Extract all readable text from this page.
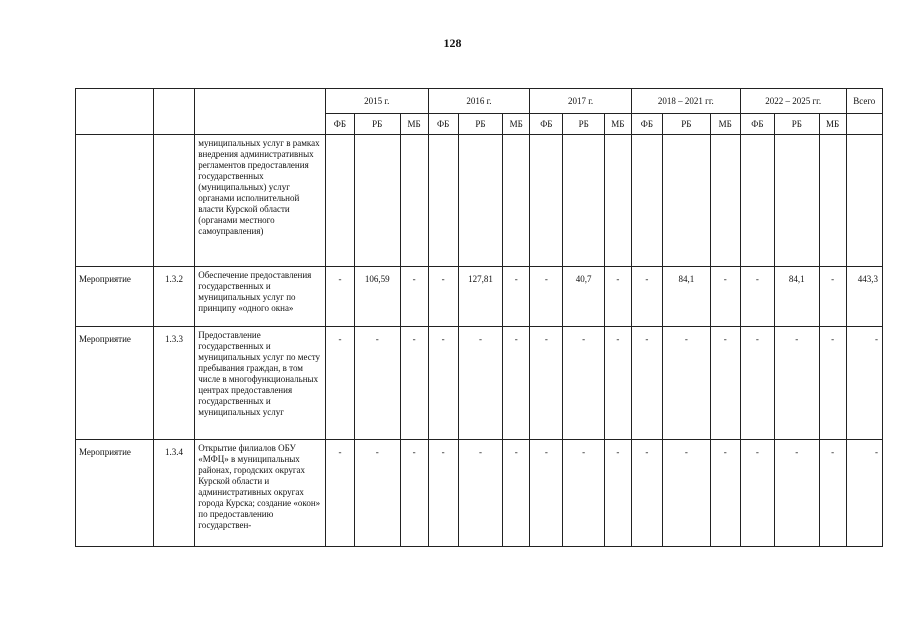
128
			2015 г.			2016 г.			2017 г.			2018 – 2021 гг.			2022 – 2025 гг.			Всего
			ФБ	РБ	МБ	ФБ	РБ	МБ	ФБ	РБ	МБ	ФБ	РБ	МБ	ФБ	РБ	МБ	
		муниципальных услуг в рамках внедрения административных регламентов предоставления государственных (муниципальных) услуг органами исполнительной власти Курской области (органами местного самоуправления)																
Мероприятие	1.3.2	Обеспечение предоставления государственных и муниципальных услуг по принципу «одного окна»	-	106,59	-	-	127,81	-	-	40,7	-	-	84,1	-	-	84,1	-	443,3
Мероприятие	1.3.3	Предоставление государственных и муниципальных услуг по месту пребывания граждан, в том числе в многофункциональных центрах предоставления государственных и муниципальных услуг	-	-	-	-	-	-	-	-	-	-	-	-	-	-	-	-
Мероприятие	1.3.4	Открытие филиалов ОБУ «МФЦ» в муниципальных районах, городских округах Курской области и административных округах города Курска; создание «окон» по предоставлению государствен-	-	-	-	-	-	-	-	-	-	-	-	-	-	-	-	-
